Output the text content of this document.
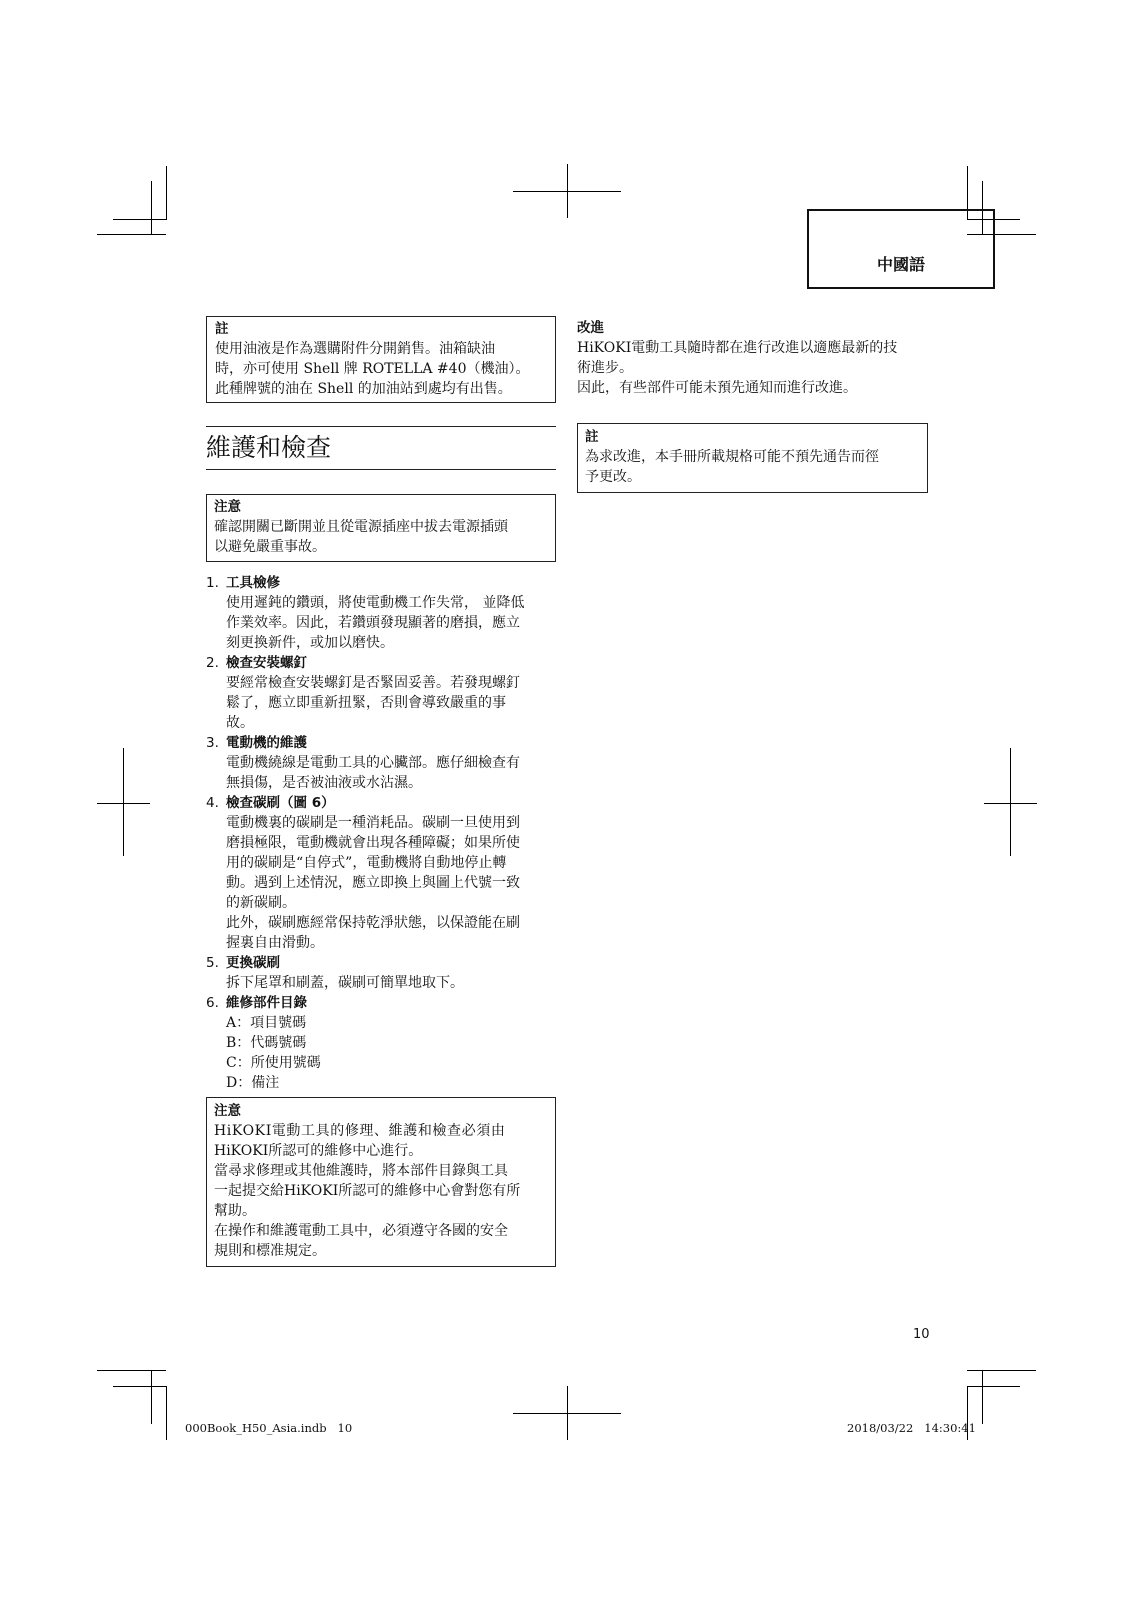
中國語
註
使用油液是作為選購附件分開銷售。油箱缺油
時，亦可使用 Shell 牌 ROTELLA #40（機油）。
此種牌號的油在 Shell 的加油站到處均有出售。
維護和檢查
注意
確認開關已斷開並且從電源插座中拔去電源插頭
以避免嚴重事故。
1. 工具檢修

使用遲鈍的鑽頭，將使電動機工作失常， 並降低

作業效率。因此，若鑽頭發現顯著的磨損，應立

刻更換新件，或加以磨快。

2. 檢查安裝螺釘

要經常檢查安裝螺釘是否緊固妥善。若發現螺釘

鬆了，應立即重新扭緊，否則會導致嚴重的事

故。

3. 電動機的維護

電動機繞線是電動工具的心臟部。應仔細檢查有

無損傷，是否被油液或水沾濕。

4. 檢查碳刷（圖 6）

電動機裏的碳刷是一種消耗品。碳刷一旦使用到

磨損極限，電動機就會出現各種障礙；如果所使

用的碳刷是“自停式”，電動機將自動地停止轉

動。遇到上述情況，應立即換上與圖上代號一致

的新碳刷。

此外，碳刷應經常保持乾淨狀態，以保證能在刷

握裏自由滑動。

5. 更換碳刷

拆下尾罩和刷蓋，碳刷可簡單地取下。

6. 維修部件目錄
A：項目號碼
B：代碼號碼
C：所使用號碼
D：備注
注意
HiKOKI電動工具的修理、維護和檢查必須由
HiKOKI所認可的維修中心進行。
當尋求修理或其他維護時，將本部件目錄與工具
一起提交給HiKOKI所認可的維修中心會對您有所
幫助。
在操作和維護電動工具中，必須遵守各國的安全
規則和標准規定。
改進
HiKOKI電動工具隨時都在進行改進以適應最新的技
術進步。
因此，有些部件可能未預先通知而進行改進。
註
為求改進，本手冊所載規格可能不預先通告而徑
予更改。
10
000Book_H50_Asia.indb   10	2018/03/22   14:30:41
